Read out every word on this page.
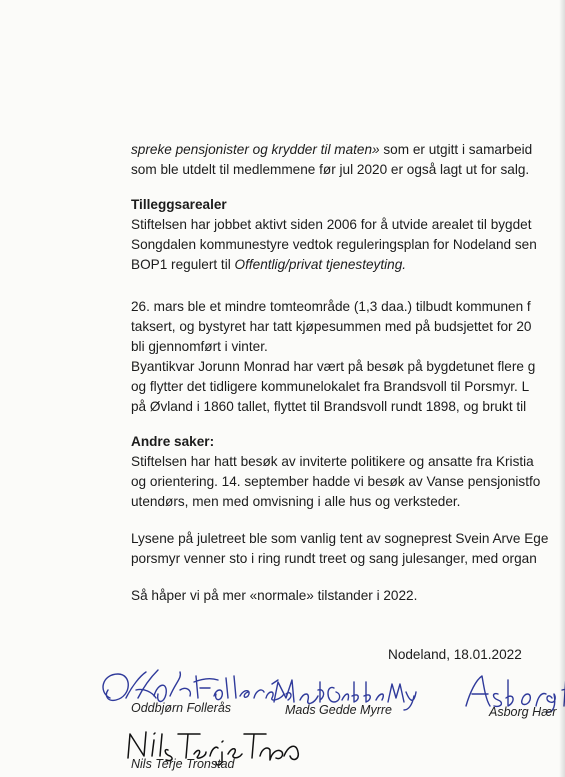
spreke pensjonister og krydder til maten» som er utgitt i samarbeid
som ble utdelt til medlemmene før jul 2020 er også lagt ut for salg.
Tilleggsarealer
Stiftelsen har jobbet aktivt siden 2006 for å utvide arealet til bygdet
Songdalen kommunestyre vedtok reguleringsplan for Nodeland sen
BOP1 regulert til Offentlig/privat tjenesteyting.
26. mars ble et mindre tomteområde (1,3 daa.) tilbudt kommunen f
taksert, og bystyret har tatt kjøpesummen med på budsjettet for 20
bli gjennomført i vinter.
Byantikvar Jorunn Monrad har vært på besøk på bygdetunet flere g
og flytter det tidligere kommunelokalet fra Brandsvoll til Porsmyr. L
på Øvland i 1860 tallet, flyttet til Brandsvoll rundt 1898, og brukt til
Andre saker:
Stiftelsen har hatt besøk av inviterte politikere og ansatte fra Kristia
og orientering. 14. september hadde vi besøk av Vanse pensjonistfo
utendørs, men med omvisning i alle hus og verksteder.
Lysene på juletreet ble som vanlig tent av sogneprest Svein Arve Ege
porsmyr venner sto i ring rundt treet og sang julesanger, med organ
Så håper vi på mer «normale» tilstander i 2022.
Nodeland, 18.01.2022
Oddbjørn Follerås	Mads Gedde Myrre	Asborg Hær
Nils Terje Tronstad
